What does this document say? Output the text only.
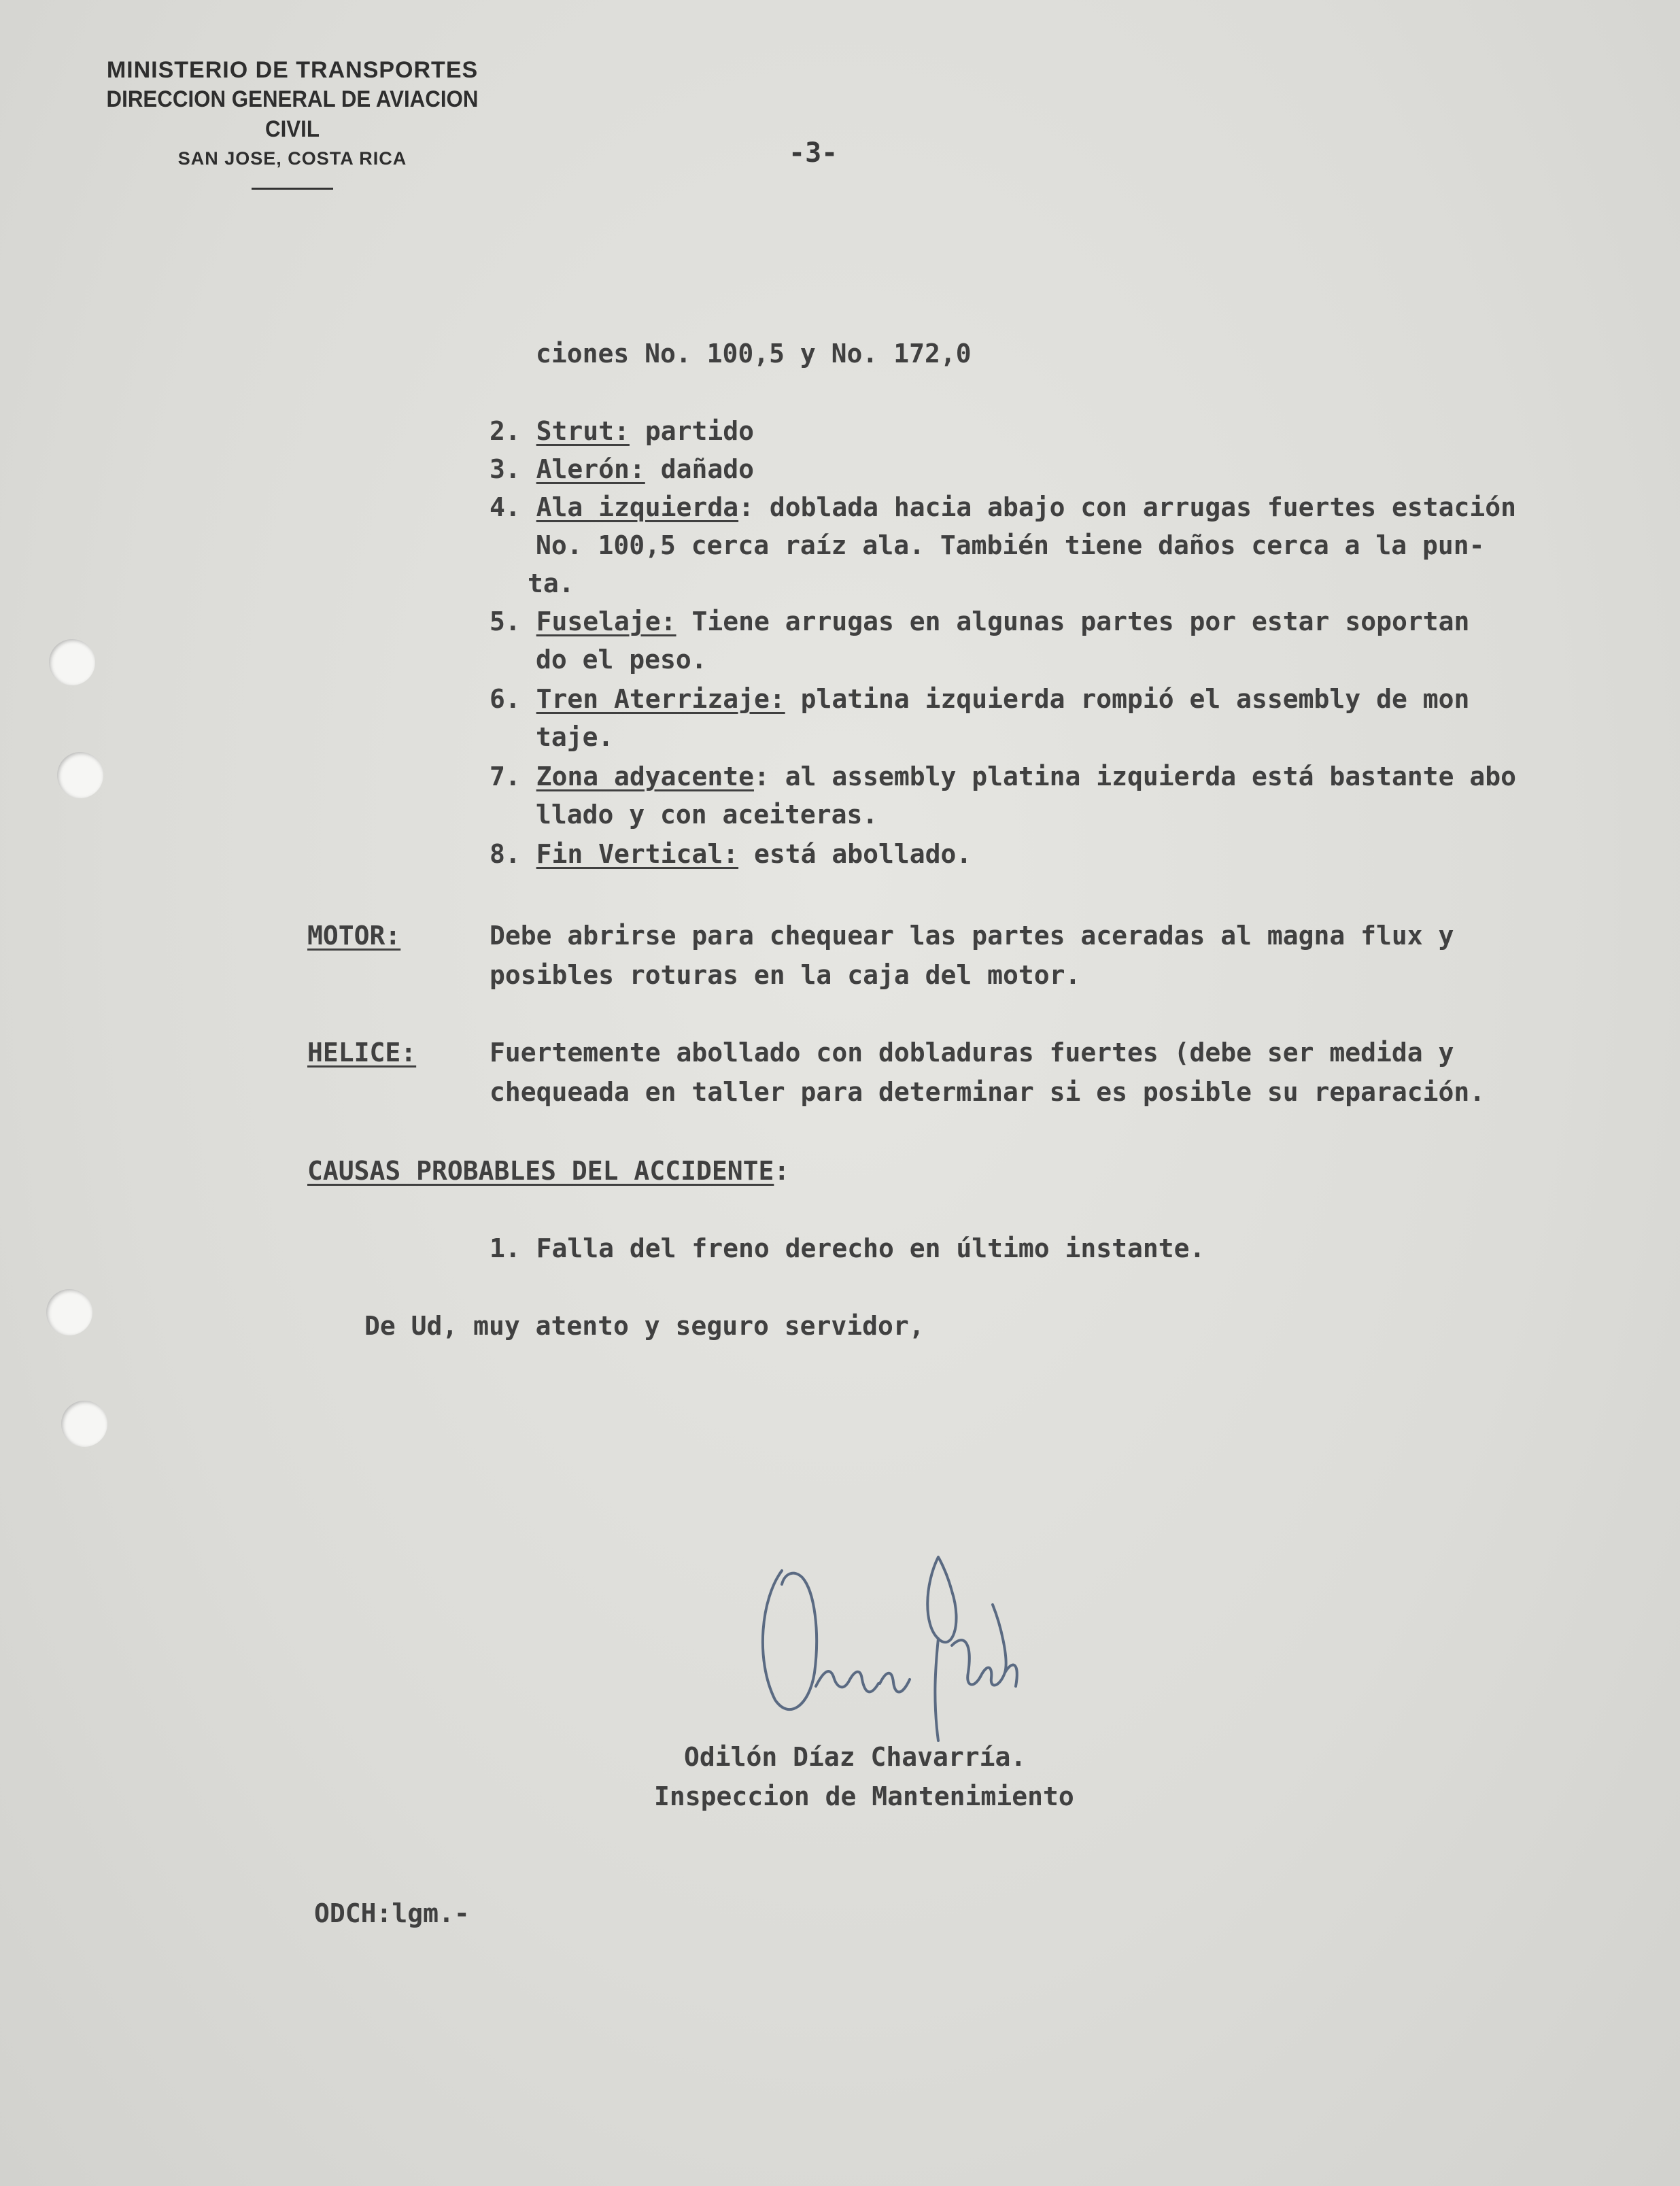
MINISTERIO DE TRANSPORTES
DIRECCION GENERAL DE AVIACION CIVIL
SAN JOSE, COSTA RICA	-3-
ciones No. 100,5 y No. 172,0
2. Strut: partido
3. Alerón: dañado
4. Ala izquierda: doblada hacia abajo con arrugas fuertes estación
No. 100,5 cerca raíz ala. También tiene daños cerca a la pun-
ta.
5. Fuselaje: Tiene arrugas en algunas partes por estar soportan
do el peso.
6. Tren Aterrizaje: platina izquierda rompió el assembly de mon
taje.
7. Zona adyacente: al assembly platina izquierda está bastante abo
llado y con aceiteras.
8. Fin Vertical: está abollado.
MOTOR:	Debe abrirse para chequear las partes aceradas al magna flux y
posibles roturas en la caja del motor.
HELICE:	Fuertemente abollado con dobladuras fuertes (debe ser medida y
chequeada en taller para determinar si es posible su reparación.
CAUSAS PROBABLES DEL ACCIDENTE:
1. Falla del freno derecho en último instante.
De Ud, muy atento y seguro servidor,
Odilón Díaz Chavarría.
Inspeccion de Mantenimiento
ODCH:lgm.-
